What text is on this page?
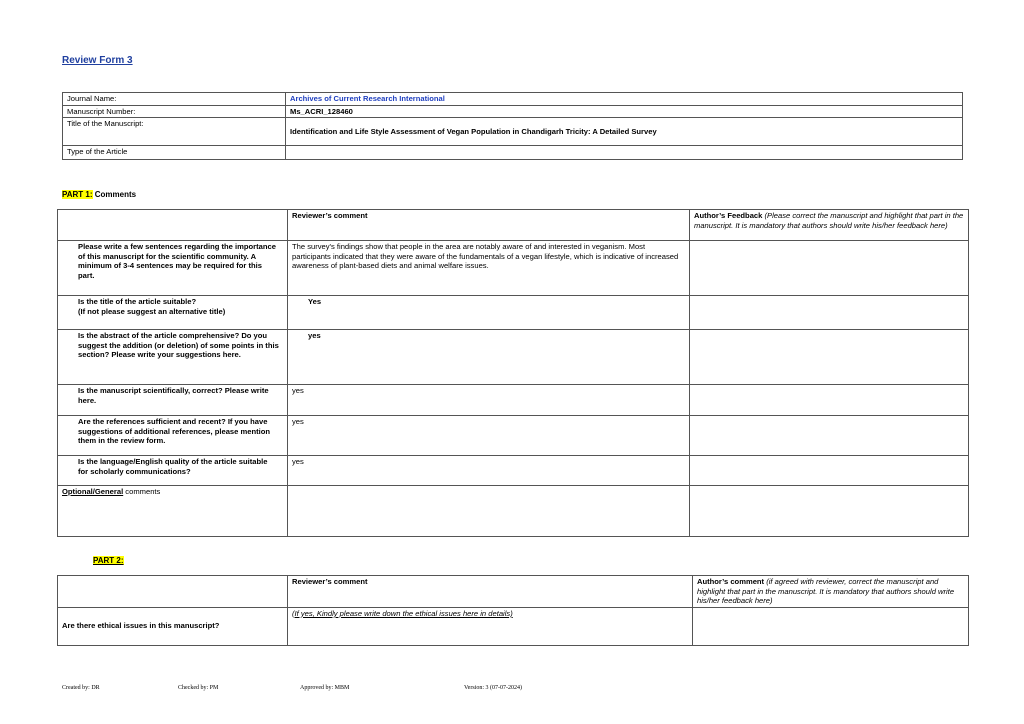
Review Form 3
Journal Name:	Archives of Current Research International
Manuscript Number:	Ms_ACRI_128460
Title of the Manuscript:	Identification and Life Style Assessment of Vegan Population in Chandigarh Tricity: A Detailed Survey
Type of the Article	
PART 1: Comments
	Reviewer’s comment	Author’s Feedback (Please correct the manuscript and highlight that part in the manuscript. It is mandatory that authors should write his/her feedback here)
Please write a few sentences regarding the importance of this manuscript for the scientific community. A minimum of 3-4 sentences may be required for this part.	The survey's findings show that people in the area are notably aware of and interested in veganism. Most participants indicated that they were aware of the fundamentals of a vegan lifestyle, which is indicative of increased awareness of plant-based diets and animal welfare issues.	
Is the title of the article suitable?
(If not please suggest an alternative title)	Yes	
Is the abstract of the article comprehensive? Do you suggest the addition (or deletion) of some points in this section? Please write your suggestions here.	yes	
Is the manuscript scientifically, correct? Please write here.	yes	
Are the references sufficient and recent? If you have suggestions of additional references, please mention them in the review form.	yes	
Is the language/English quality of the article suitable for scholarly communications?	yes	
Optional/General comments		
PART 2:
	Reviewer’s comment	Author’s comment (if agreed with reviewer, correct the manuscript and highlight that part in the manuscript. It is mandatory that authors should write his/her feedback here)
Are there ethical issues in this manuscript?	(If yes, Kindly please write down the ethical issues here in details)	
Created by: DR	Checked by: PM	Approved by: MBM	Version: 3 (07-07-2024)
